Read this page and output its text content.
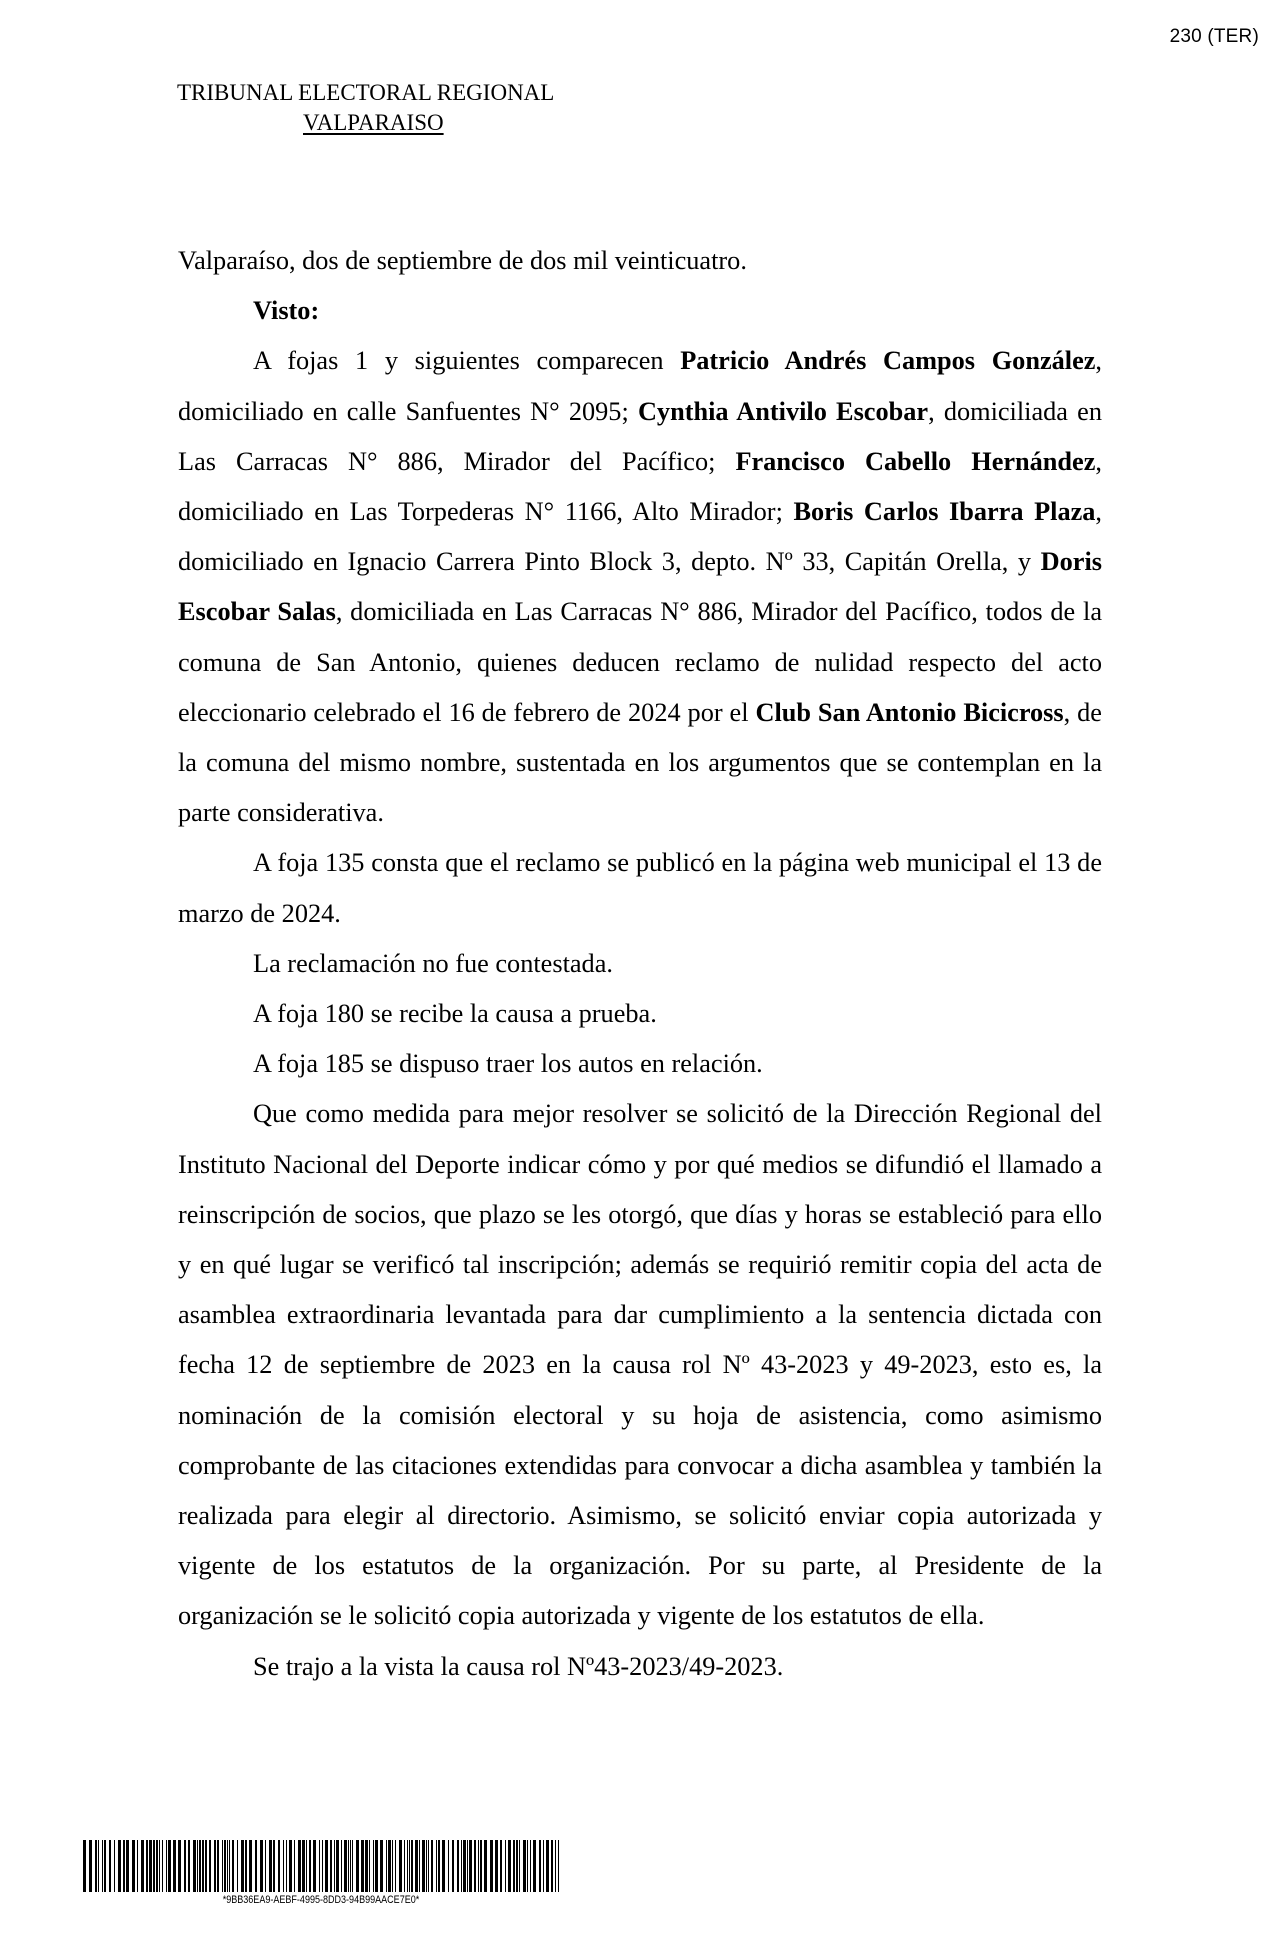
230 (TER)
TRIBUNAL ELECTORAL REGIONAL
VALPARAISO

Valparaíso, dos de septiembre de dos mil veinticuatro.

Visto:

A fojas 1 y siguientes comparecen Patricio Andrés Campos González, domiciliado en calle Sanfuentes N° 2095; Cynthia Antivilo Escobar, domiciliada en Las Carracas N° 886, Mirador del Pacífico; Francisco Cabello Hernández, domiciliado en Las Torpederas N° 1166, Alto Mirador; Boris Carlos Ibarra Plaza, domiciliado en Ignacio Carrera Pinto Block 3, depto. Nº 33, Capitán Orella, y Doris Escobar Salas, domiciliada en Las Carracas N° 886, Mirador del Pacífico, todos de la comuna de San Antonio, quienes deducen reclamo de nulidad respecto del acto eleccionario celebrado el 16 de febrero de 2024 por el Club San Antonio Bicicross, de la comuna del mismo nombre, sustentada en los argumentos que se contemplan en la parte considerativa.

A foja 135 consta que el reclamo se publicó en la página web municipal el 13 de marzo de 2024.

La reclamación no fue contestada.

A foja 180 se recibe la causa a prueba.

A foja 185 se dispuso traer los autos en relación.

Que como medida para mejor resolver se solicitó de la Dirección Regional del Instituto Nacional del Deporte indicar cómo y por qué medios se difundió el llamado a reinscripción de socios, que plazo se les otorgó, que días y horas se estableció para ello y en qué lugar se verificó tal inscripción; además se requirió remitir copia del acta de asamblea extraordinaria levantada para dar cumplimiento a la sentencia dictada con fecha 12 de septiembre de 2023 en la causa rol Nº 43-2023 y 49-2023, esto es, la nominación de la comisión electoral y su hoja de asistencia, como asimismo comprobante de las citaciones extendidas para convocar a dicha asamblea y también la realizada para elegir al directorio. Asimismo, se solicitó enviar copia autorizada y vigente de los estatutos de la organización. Por su parte, al Presidente de la organización se le solicitó copia autorizada y vigente de los estatutos de ella.

Se trajo a la vista la causa rol Nº43-2023/49-2023.

*9BB36EA9-AEBF-4995-8DD3-94B99AACE7E0*
